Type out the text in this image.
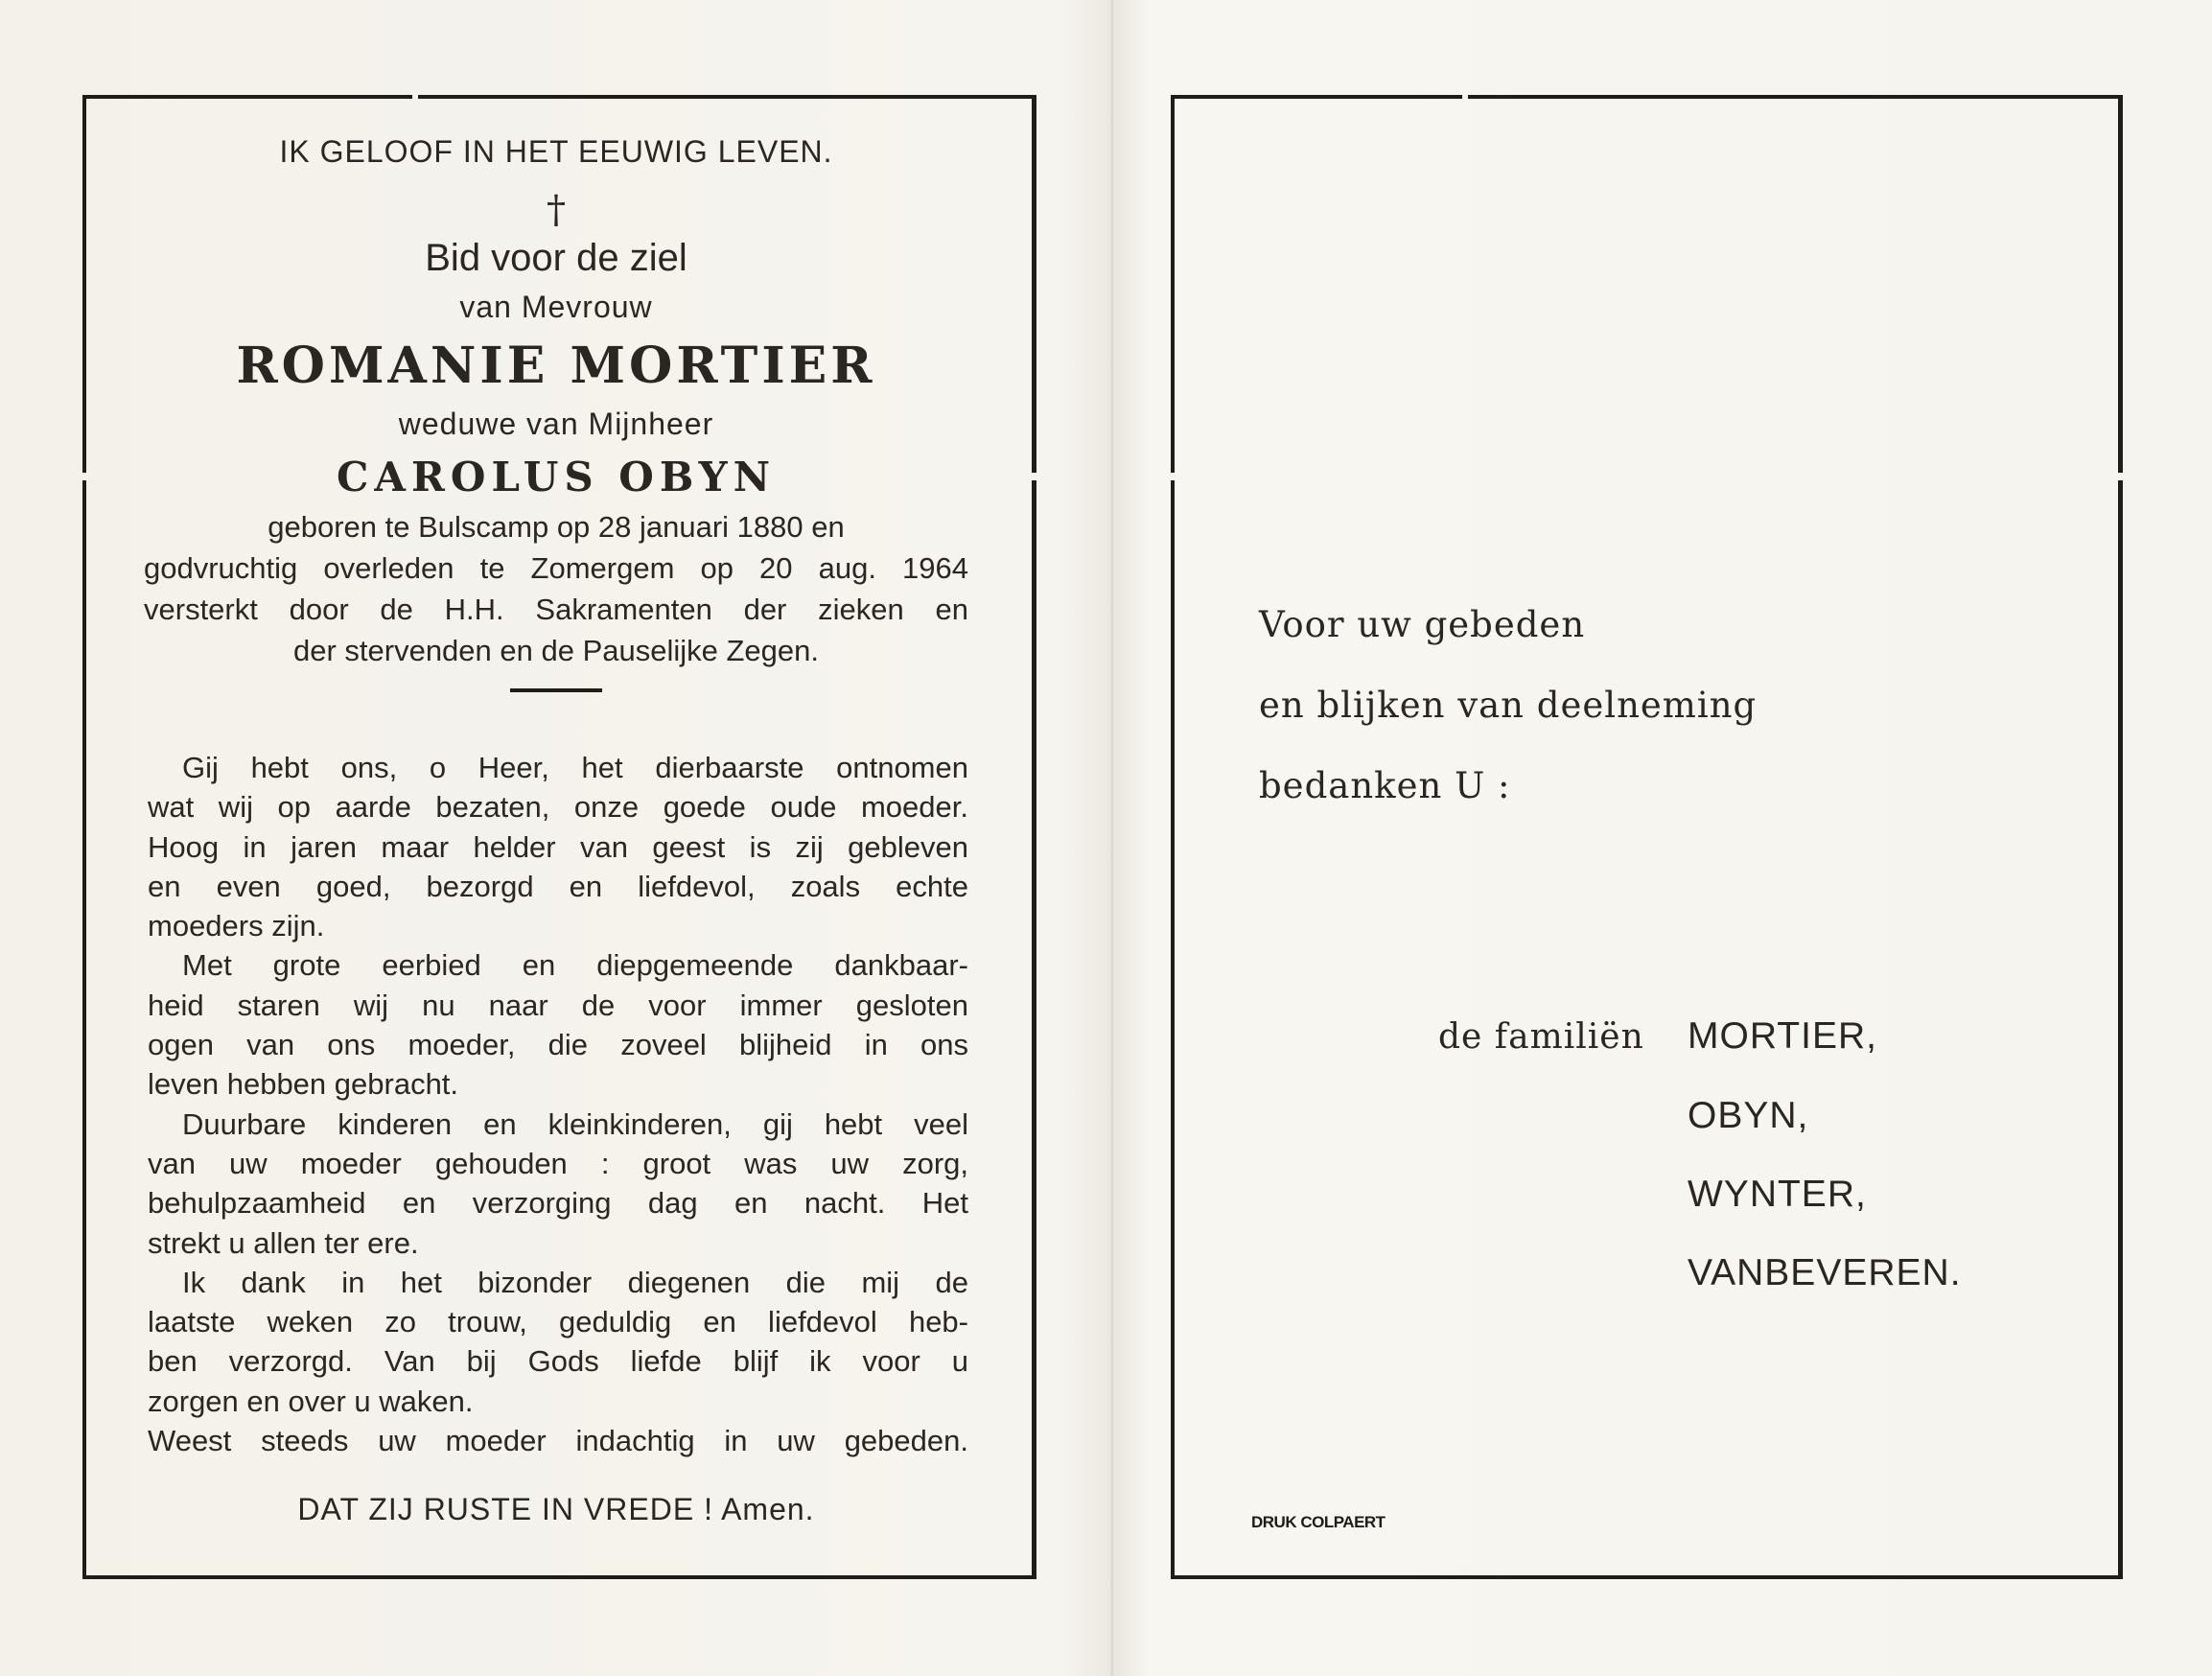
IK GELOOF IN HET EEUWIG LEVEN.
†
Bid voor de ziel
van Mevrouw
ROMANIE MORTIER
weduwe van Mijnheer
CAROLUS OBYN
geboren te Bulscamp op 28 januari 1880 en
godvruchtig overleden te Zomergem op 20 aug. 1964
versterkt door de H.H. Sakramenten der zieken en
der stervenden en de Pauselijke Zegen.

Gij hebt ons, o Heer, het dierbaarste ontnomen
wat wij op aarde bezaten, onze goede oude moeder.
Hoog in jaren maar helder van geest is zij gebleven
en even goed, bezorgd en liefdevol, zoals echte
moeders zijn.

Met grote eerbied en diepgemeende dankbaar-
heid staren wij nu naar de voor immer gesloten
ogen van ons moeder, die zoveel blijheid in ons
leven hebben gebracht.

Duurbare kinderen en kleinkinderen, gij hebt veel
van uw moeder gehouden : groot was uw zorg,
behulpzaamheid en verzorging dag en nacht. Het
strekt u allen ter ere.

Ik dank in het bizonder diegenen die mij de
laatste weken zo trouw, geduldig en liefdevol heb-
ben verzorgd. Van bij Gods liefde blijf ik voor u
zorgen en over u waken.

Weest steeds uw moeder indachtig in uw gebeden.

DAT ZIJ RUSTE IN VREDE ! Amen.
Voor uw gebeden
en blijken van deelneming
bedanken U :
de familiën MORTIER,
OBYN,
WYNTER,
VANBEVEREN.
DRUK COLPAERT
